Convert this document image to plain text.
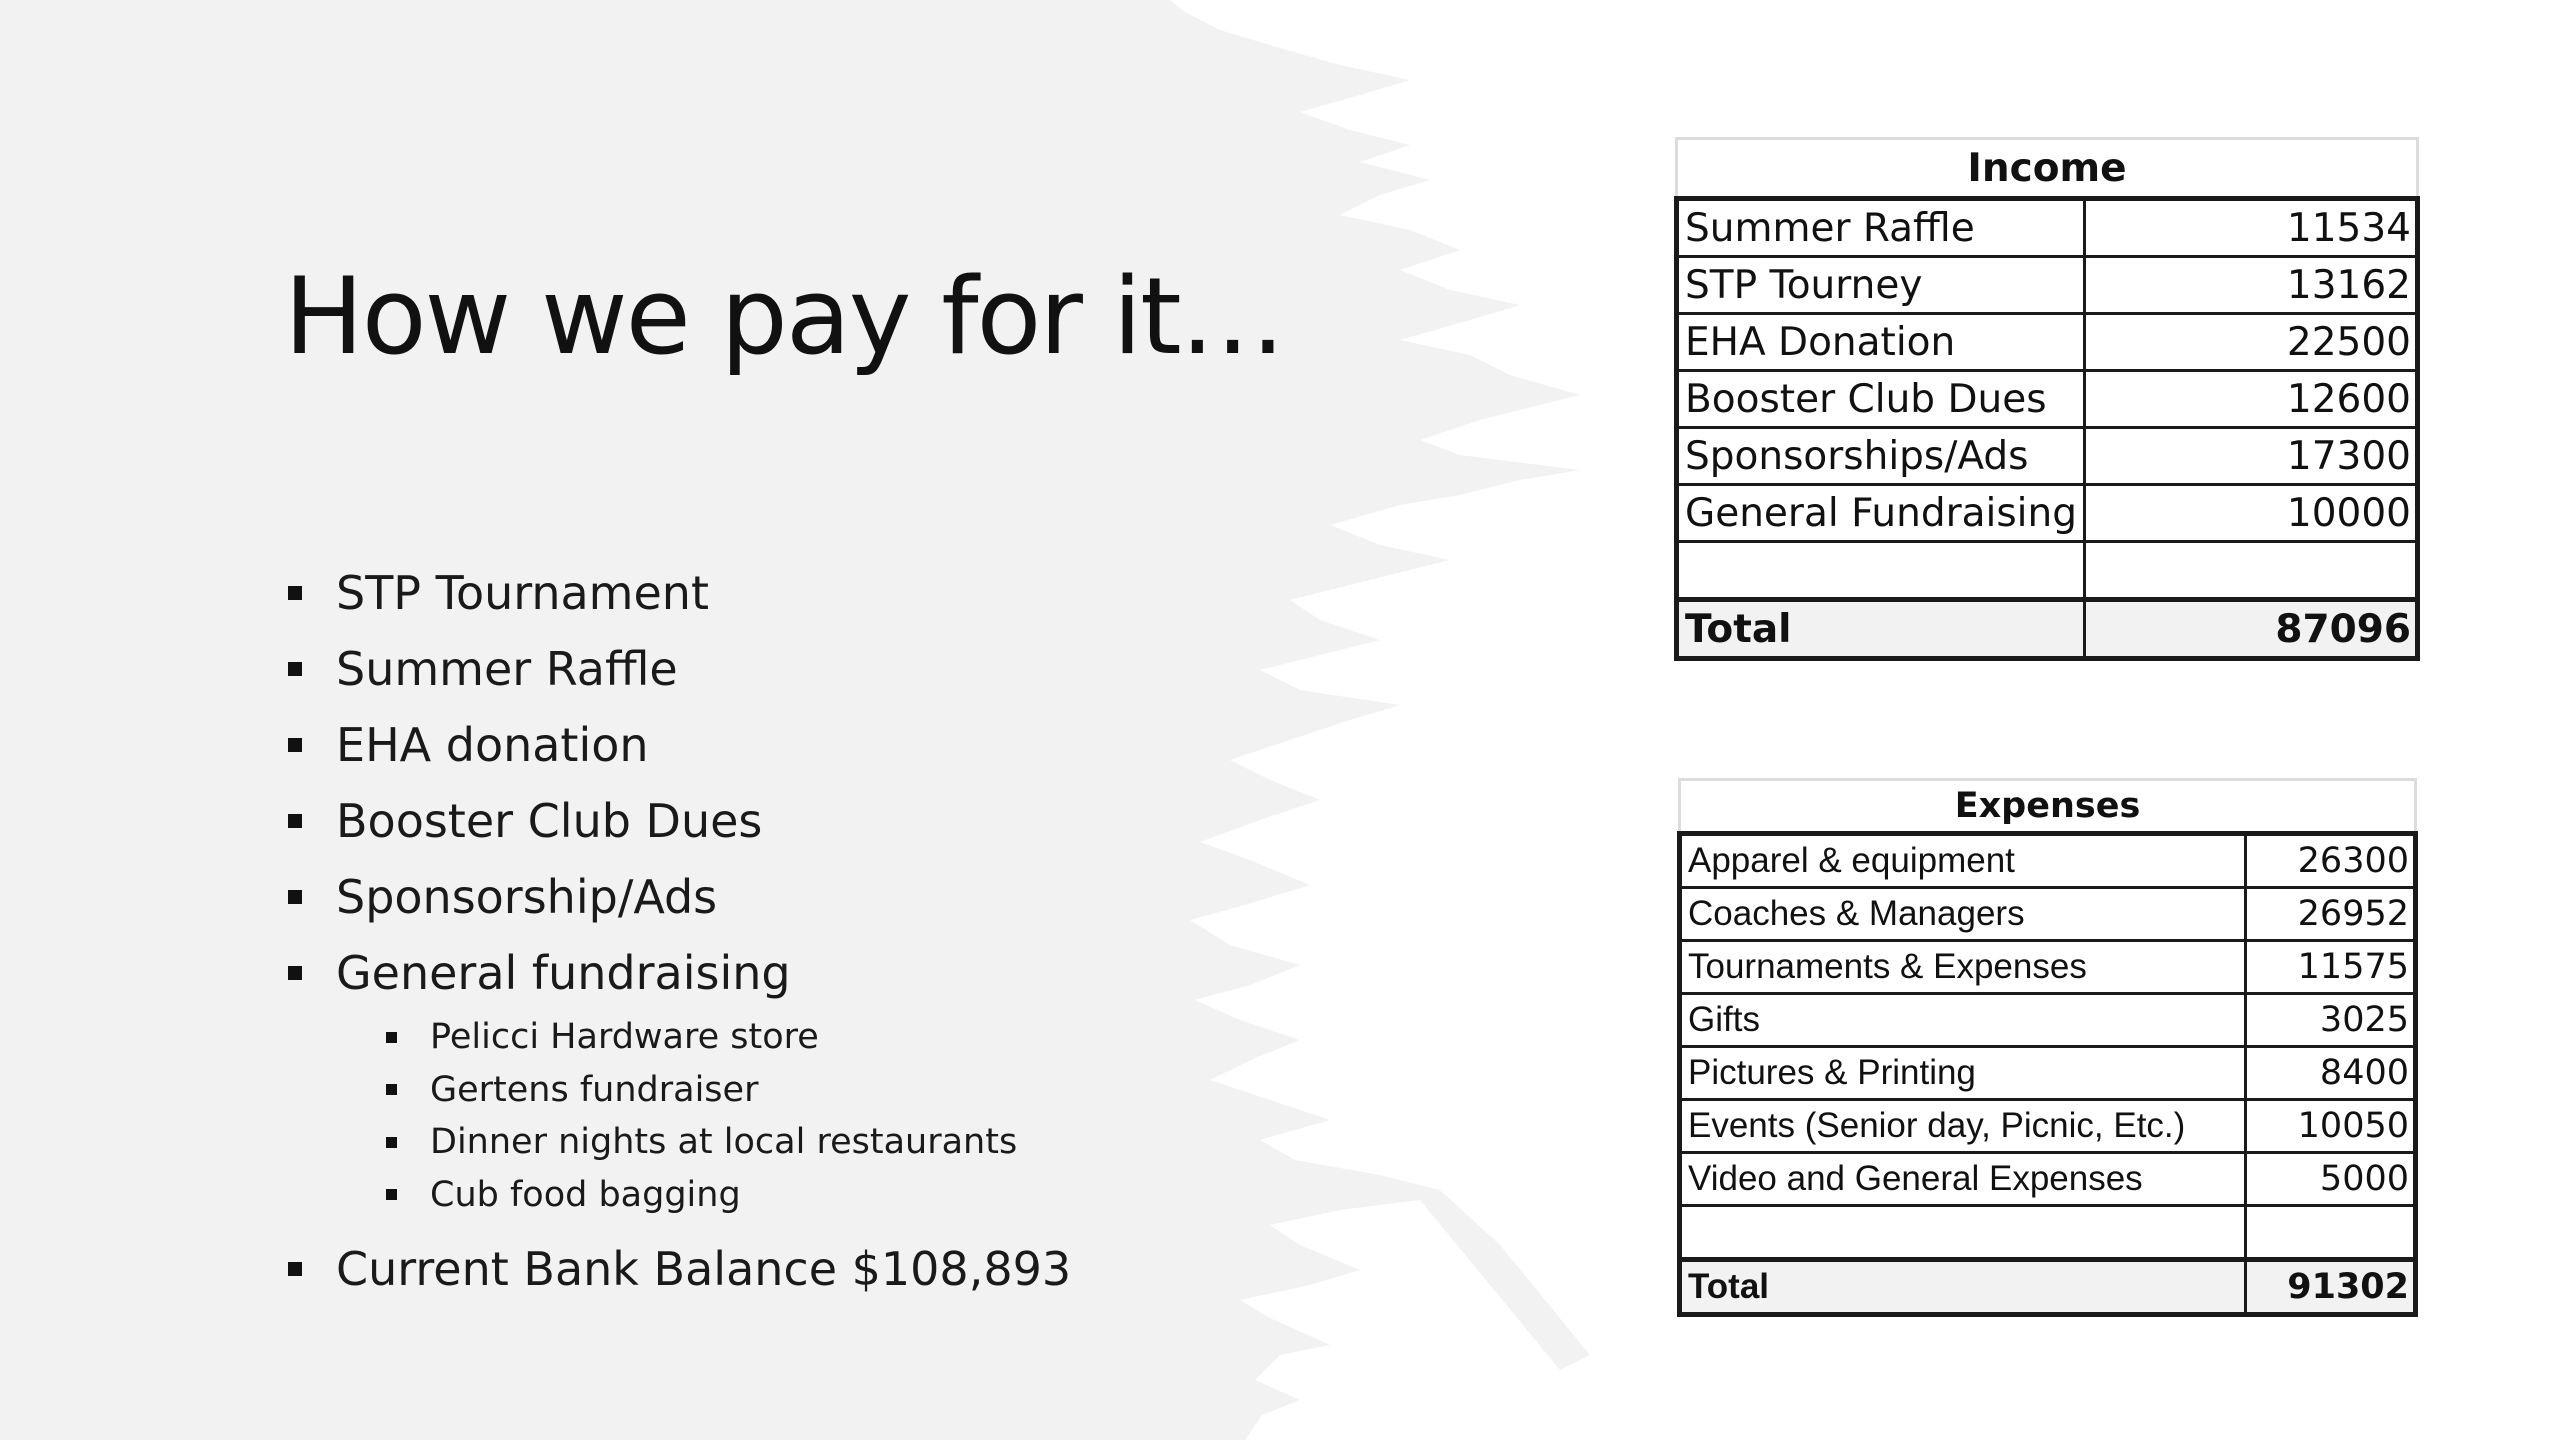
How we pay for it…
STP Tournament
Summer Raffle
EHA donation
Booster Club Dues
Sponsorship/Ads
General fundraising
Pelicci Hardware store
Gertens fundraiser
Dinner nights at local restaurants
Cub food bagging
Current Bank Balance $108,893
Income	
Summer Raffle	11534
STP Tourney	13162
EHA Donation	22500
Booster Club Dues	12600
Sponsorships/Ads	17300
General Fundraising	10000

Total	87096
Expenses	
Apparel & equipment	26300
Coaches & Managers	26952
Tournaments & Expenses	11575
Gifts	3025
Pictures & Printing	8400
Events (Senior day, Picnic, Etc.)	10050
Video and General Expenses	5000

Total	91302
